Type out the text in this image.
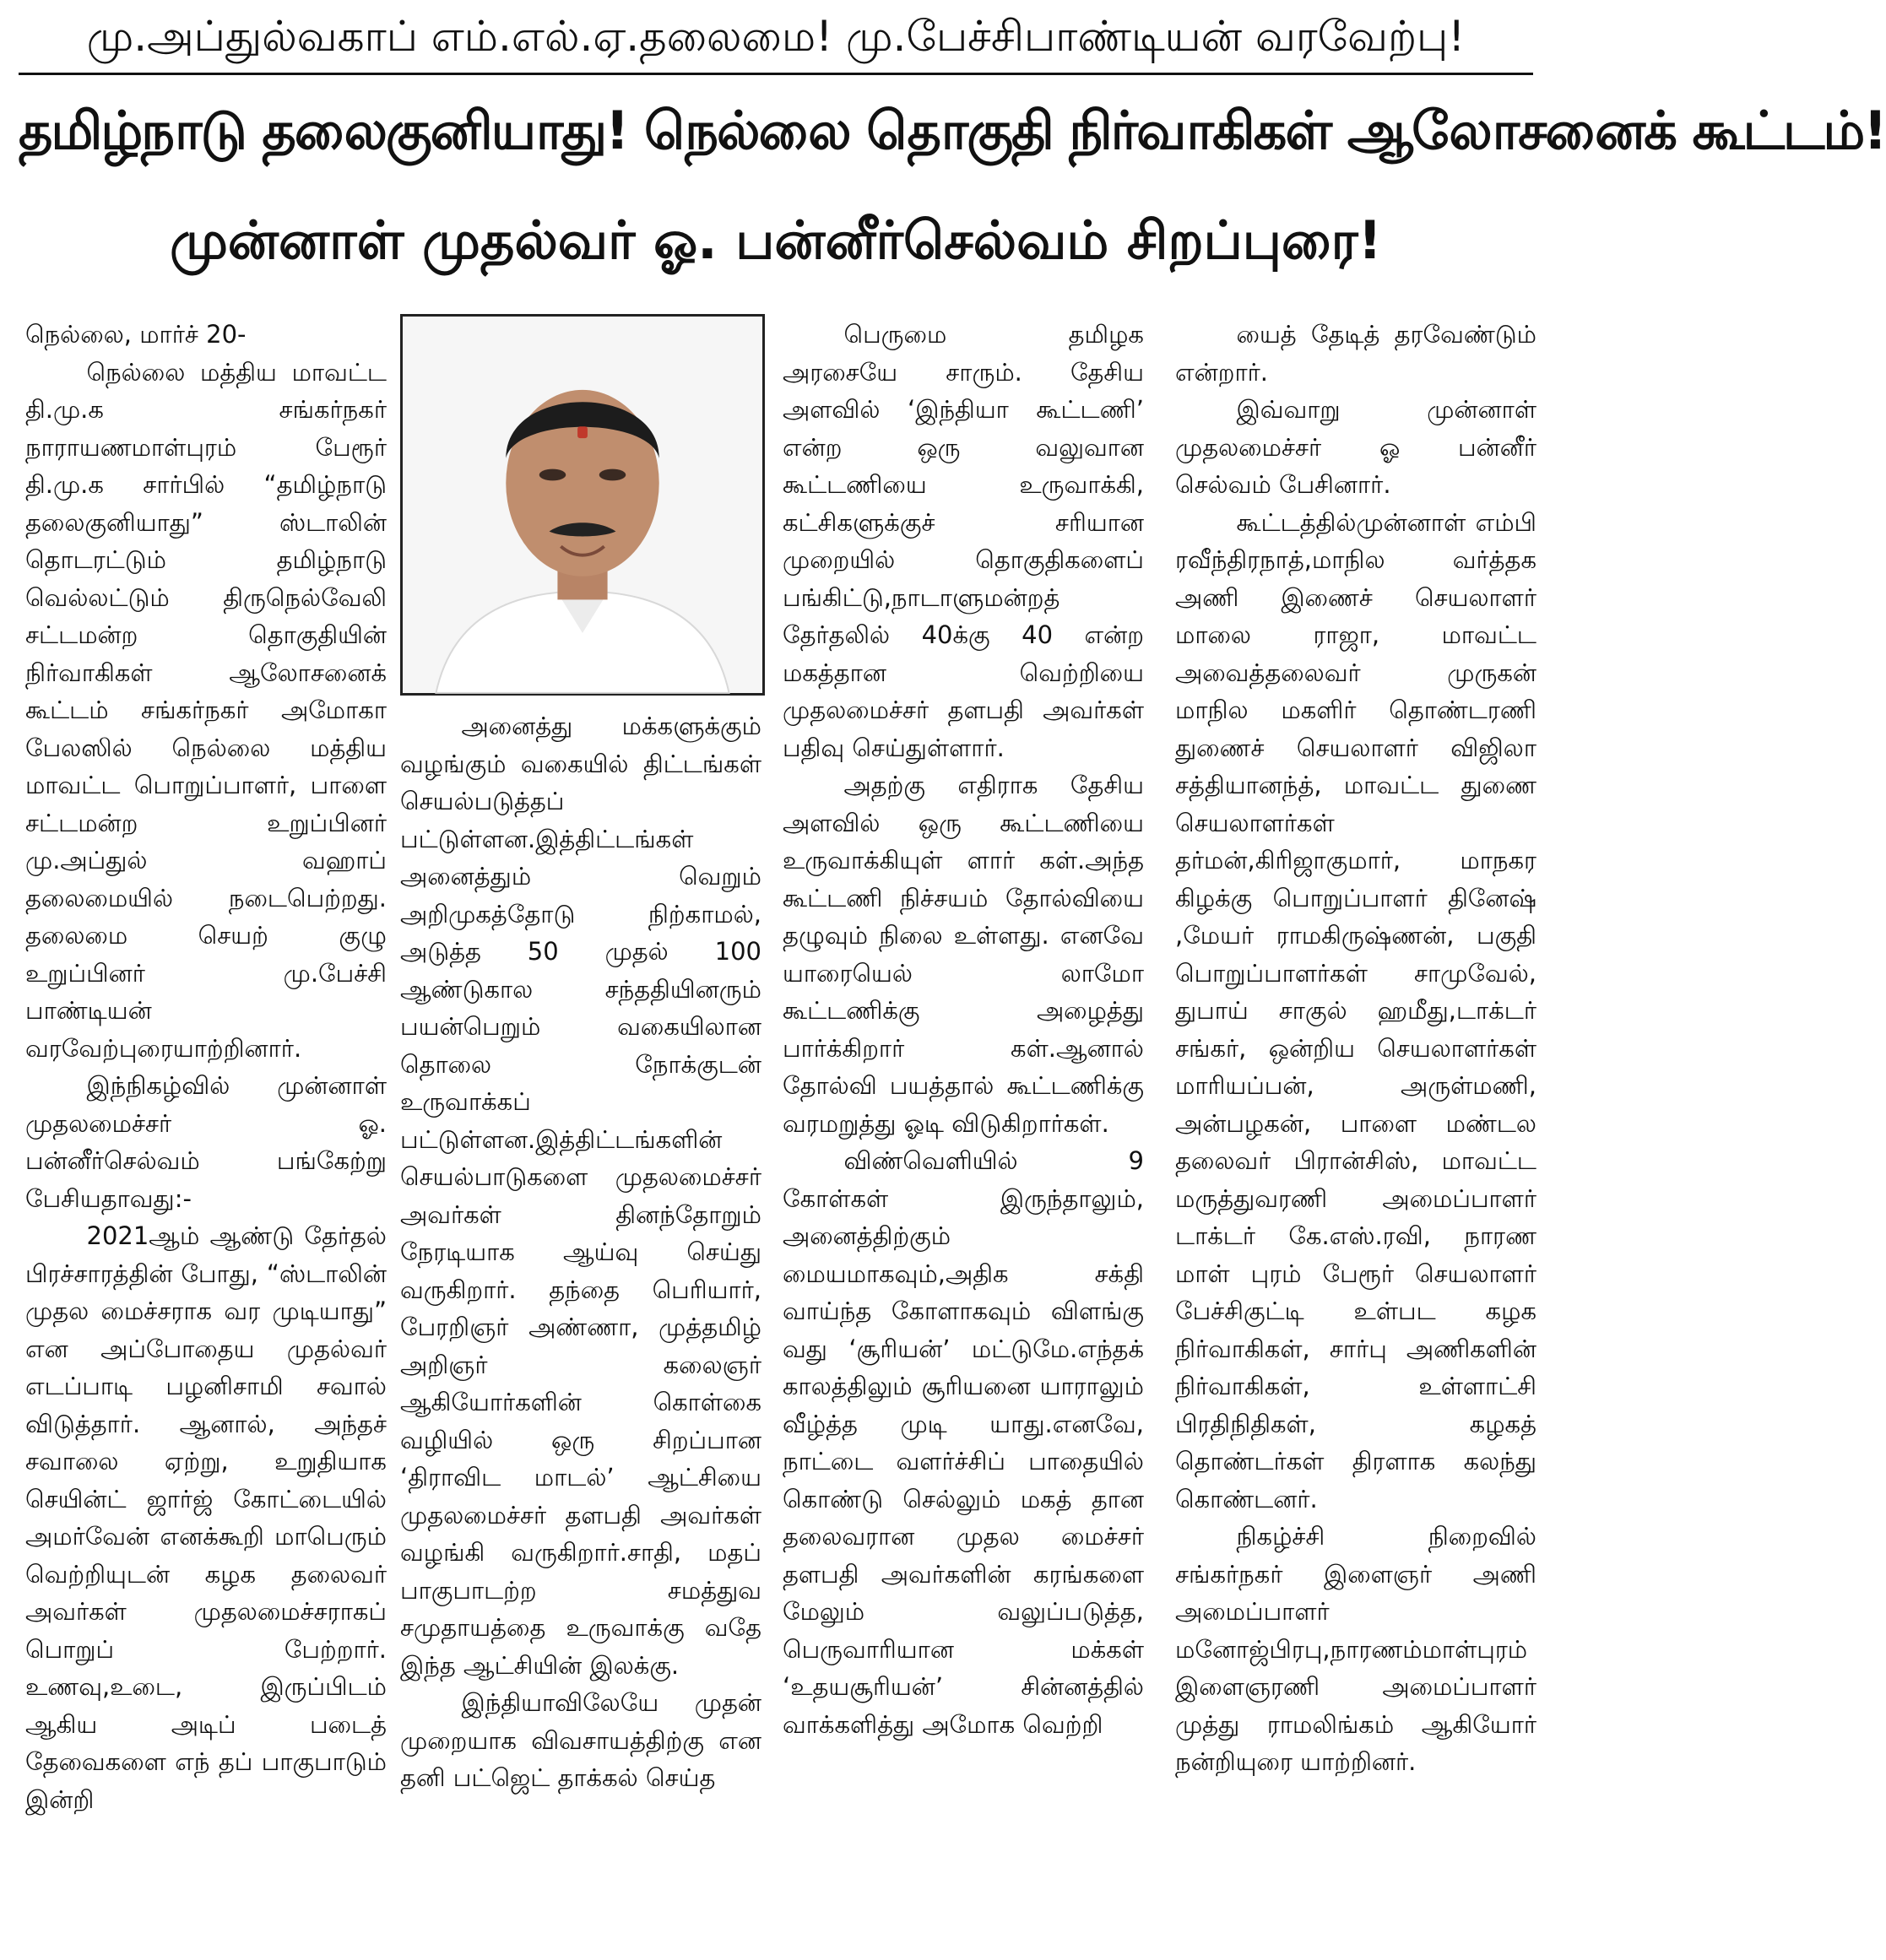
மு.அப்துல்வகாப் எம்.எல்.ஏ.தலைமை! மு.பேச்சிபாண்டியன் வரவேற்பு!
தமிழ்நாடு தலைகுனியாது! நெல்லை தொகுதி நிர்வாகிகள் ஆலோசனைக் கூட்டம்!
முன்னாள் முதல்வர் ஓ. பன்னீர்செல்வம் சிறப்புரை!

நெல்லை, மார்ச் 20-

நெல்லை மத்திய மாவட்ட தி.மு.க சங்கர்நகர் நாராயணமாள்புரம் பேரூர் தி.மு.க சார்பில் “தமிழ்நாடு தலைகுனியாது” ஸ்டாலின் தொடரட்டும் தமிழ்நாடு வெல்லட்டும் திருநெல்வேலி சட்டமன்ற தொகுதியின் நிர்வாகிகள் ஆலோசனைக் கூட்டம் சங்கர்நகர் அமோகா பேலஸில் நெல்லை மத்திய மாவட்ட பொறுப்பாளர், பாளை சட்டமன்ற உறுப்பினர் மு.அப்துல் வஹாப் தலைமையில் நடைபெற்றது. தலைமை செயற் குழு உறுப்பினர் மு.பேச்சி பாண்டியன் வரவேற்புரையாற்றினார்.

இந்நிகழ்வில் முன்னாள் முதலமைச்சர் ஓ. பன்னீர்செல்வம் பங்கேற்று பேசியதாவது:-

2021ஆம் ஆண்டு தேர்தல் பிரச்சாரத்தின் போது, “ஸ்டாலின் முதல மைச்சராக வர முடியாது” என அப்போதைய முதல்வர் எடப்பாடி பழனிசாமி சவால் விடுத்தார். ஆனால், அந்தச் சவாலை ஏற்று, உறுதியாக செயின்ட் ஜார்ஜ் கோட்டையில் அமர்வேன் எனக்கூறி மாபெரும் வெற்றியுடன் கழக தலைவர் அவர்கள் முதலமைச்சராகப் பொறுப் பேற்றார். உணவு,உடை, இருப்பிடம் ஆகிய அடிப் படைத் தேவைகளை எந் தப் பாகுபாடும் இன்றி

அனைத்து மக்களுக்கும் வழங்கும் வகையில் திட்டங்கள் செயல்படுத்தப் பட்டுள்ளன.இத்திட்டங்கள் அனைத்தும் வெறும் அறிமுகத்தோடு நிற்காமல், அடுத்த 50 முதல் 100 ஆண்டுகால சந்ததியினரும் பயன்பெறும் வகையிலான தொலை நோக்குடன் உருவாக்கப் பட்டுள்ளன.இத்திட்டங்களின் செயல்பாடுகளை முதலமைச்சர் அவர்கள் தினந்தோறும் நேரடியாக ஆய்வு செய்து வருகிறார். தந்தை பெரியார், பேரறிஞர் அண்ணா, முத்தமிழ் அறிஞர் கலைஞர் ஆகியோர்களின் கொள்கை வழியில் ஒரு சிறப்பான ‘திராவிட மாடல்’ ஆட்சியை முதலமைச்சர் தளபதி அவர்கள் வழங்கி வருகிறார்.சாதி, மதப் பாகுபாடற்ற சமத்துவ சமுதாயத்தை உருவாக்கு வதே இந்த ஆட்சியின் இலக்கு.

இந்தியாவிலேயே முதன் முறையாக விவசாயத்திற்கு என தனி பட்ஜெட் தாக்கல் செய்த

பெருமை தமிழக அரசையே சாரும். தேசிய அளவில் ‘இந்தியா கூட்டணி’ என்ற ஒரு வலுவான கூட்டணியை உருவாக்கி, கட்சிகளுக்குச் சரியான முறையில் தொகுதிகளைப் பங்கிட்டு,நாடாளுமன்றத் தேர்தலில் 40க்கு 40 என்ற மகத்தான வெற்றியை முதலமைச்சர் தளபதி அவர்கள் பதிவு செய்துள்ளார்.

அதற்கு எதிராக தேசிய அளவில் ஒரு கூட்டணியை உருவாக்கியுள் ளார் கள்.அந்த கூட்டணி நிச்சயம் தோல்வியை தழுவும் நிலை உள்ளது. எனவே யாரையெல் லாமோ கூட்டணிக்கு அழைத்து பார்க்கிறார் கள்.ஆனால் தோல்வி பயத்தால் கூட்டணிக்கு வரமறுத்து ஓடி விடுகிறார்கள்.

விண்வெளியில் 9 கோள்கள் இருந்தாலும், அனைத்திற்கும் மையமாகவும்,அதிக சக்தி வாய்ந்த கோளாகவும் விளங்கு வது ‘சூரியன்’ மட்டுமே.எந்தக் காலத்திலும் சூரியனை யாராலும் வீழ்த்த முடி யாது.எனவே, நாட்டை வளர்ச்சிப் பாதையில் கொண்டு செல்லும் மகத் தான தலைவரான முதல மைச்சர் தளபதி அவர்களின் கரங்களை மேலும் வலுப்படுத்த, பெருவாரியான மக்கள் ‘உதயசூரியன்’ சின்னத்தில் வாக்களித்து அமோக வெற்றி

யைத் தேடித் தரவேண்டும் என்றார்.

இவ்வாறு முன்னாள் முதலமைச்சர் ஓ பன்னீர் செல்வம் பேசினார்.

கூட்டத்தில்முன்னாள் எம்பி ரவீந்திரநாத்,மாநில வர்த்தக அணி இணைச் செயலாளர் மாலை ராஜா, மாவட்ட அவைத்தலைவர் முருகன் மாநில மகளிர் தொண்டரணி துணைச் செயலாளர் விஜிலா சத்தியானந்த், மாவட்ட துணை செயலாளர்கள் தர்மன்,கிரிஜாகுமார், மாநகர கிழக்கு பொறுப்பாளர் தினேஷ் ,மேயர் ராமகிருஷ்ணன், பகுதி பொறுப்பாளர்கள் சாமுவேல், துபாய் சாகுல் ஹமீது,டாக்டர் சங்கர், ஒன்றிய செயலாளர்கள் மாரியப்பன், அருள்மணி, அன்பழகன், பாளை மண்டல தலைவர் பிரான்சிஸ், மாவட்ட மருத்துவரணி அமைப்பாளர் டாக்டர் கே.எஸ்.ரவி, நாரண மாள் புரம் பேரூர் செயலாளர் பேச்சிகுட்டி உள்பட கழக நிர்வாகிகள், சார்பு அணிகளின் நிர்வாகிகள், உள்ளாட்சி பிரதிநிதிகள், கழகத் தொண்டர்கள் திரளாக கலந்து கொண்டனர்.

நிகழ்ச்சி நிறைவில் சங்கர்நகர் இளைஞர் அணி அமைப்பாளர் மனோஜ்பிரபு,நாரணம்மாள்புரம் இளைஞரணி அமைப்பாளர் முத்து ராமலிங்கம் ஆகியோர் நன்றியுரை யாற்றினர்.
